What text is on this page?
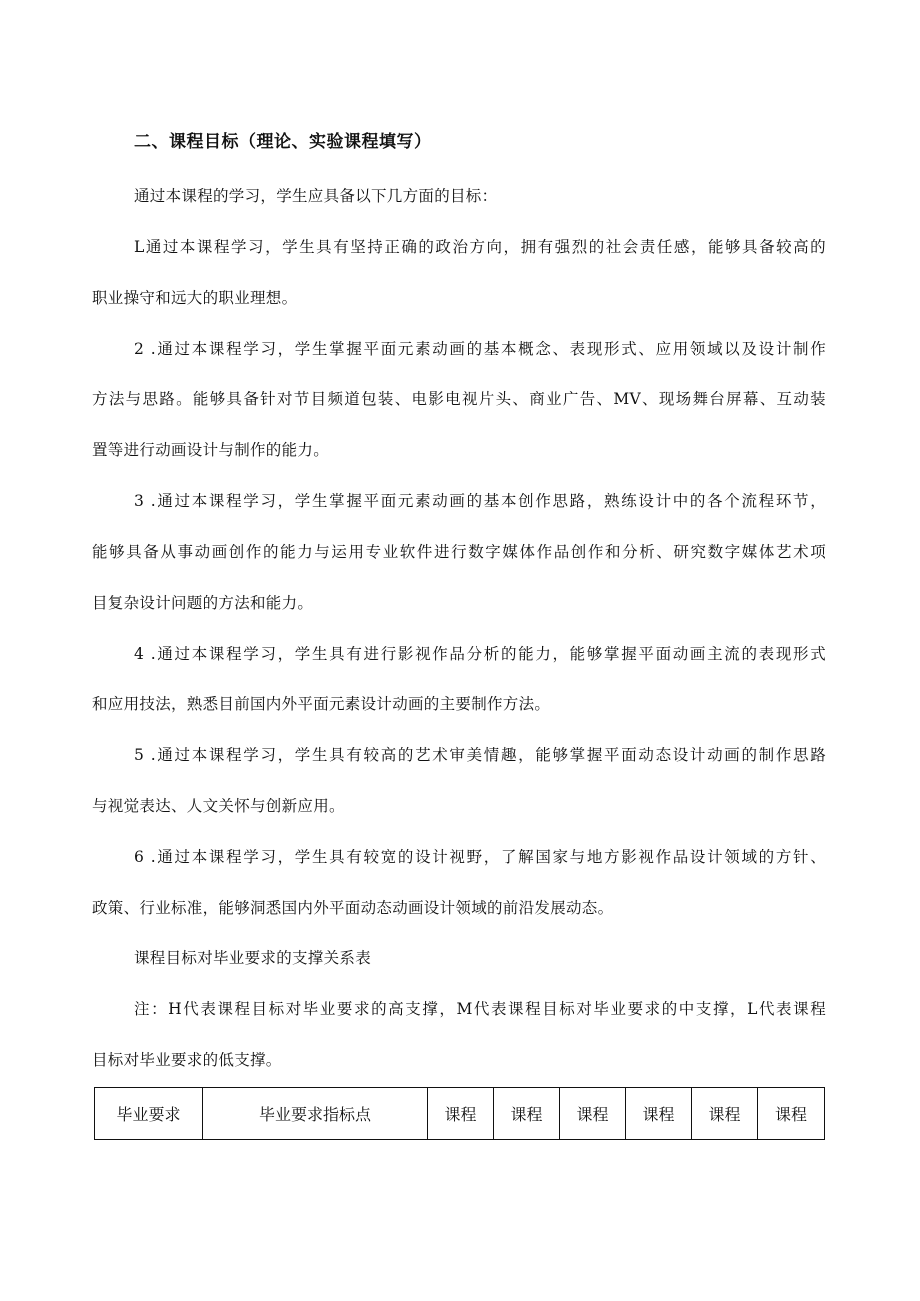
二、课程目标（理论、实验课程填写）
通过本课程的学习，学生应具备以下几方面的目标：
L通过本课程学习，学生具有坚持正确的政治方向，拥有强烈的社会责任感，能够具备较高的
职业操守和远大的职业理想。
2 .通过本课程学习，学生掌握平面元素动画的基本概念、表现形式、应用领域以及设计制作
方法与思路。能够具备针对节目频道包装、电影电视片头、商业广告、MV、现场舞台屏幕、互动装
置等进行动画设计与制作的能力。
3 .通过本课程学习，学生掌握平面元素动画的基本创作思路，熟练设计中的各个流程环节，
能够具备从事动画创作的能力与运用专业软件进行数字媒体作品创作和分析、研究数字媒体艺术项
目复杂设计问题的方法和能力。
4 .通过本课程学习，学生具有进行影视作品分析的能力，能够掌握平面动画主流的表现形式
和应用技法，熟悉目前国内外平面元素设计动画的主要制作方法。
5 .通过本课程学习，学生具有较高的艺术审美情趣，能够掌握平面动态设计动画的制作思路
与视觉表达、人文关怀与创新应用。
6 .通过本课程学习，学生具有较宽的设计视野，了解国家与地方影视作品设计领域的方针、
政策、行业标准，能够洞悉国内外平面动态动画设计领域的前沿发展动态。
课程目标对毕业要求的支撑关系表
注：H代表课程目标对毕业要求的高支撑，M代表课程目标对毕业要求的中支撑，L代表课程
目标对毕业要求的低支撑。
毕业要求	毕业要求指标点	课程	课程	课程	课程	课程	课程
